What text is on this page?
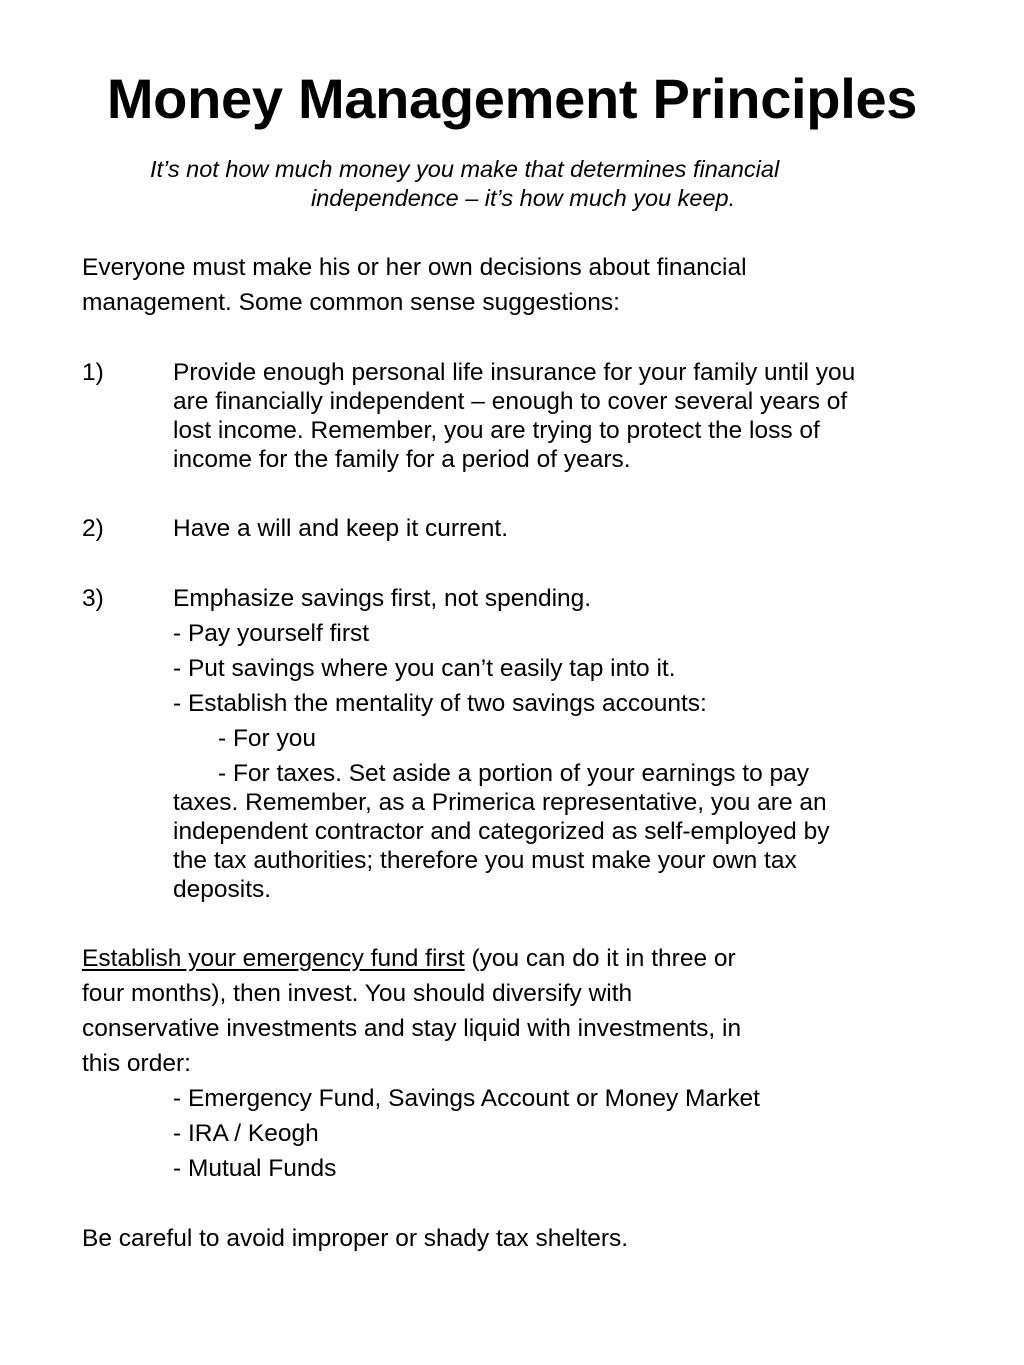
Money Management Principles
It’s not how much money you make that determines financial
independence – it’s how much you keep.
Everyone must make his or her own decisions about financial
management. Some common sense suggestions:
1)	Provide enough personal life insurance for your family until you
are financially independent – enough to cover several years of
lost income. Remember, you are trying to protect the loss of
income for the family for a period of years.
2)	Have a will and keep it current.
3)	Emphasize savings first, not spending.
- Pay yourself first
- Put savings where you can’t easily tap into it.
- Establish the mentality of two savings accounts:
- For you
- For taxes. Set aside a portion of your earnings to pay
taxes. Remember, as a Primerica representative, you are an
independent contractor and categorized as self-employed by
the tax authorities; therefore you must make your own tax
deposits.
Establish your emergency fund first (you can do it in three or
four months), then invest. You should diversify with
conservative investments and stay liquid with investments, in
this order:
- Emergency Fund, Savings Account or Money Market
- IRA / Keogh
- Mutual Funds
Be careful to avoid improper or shady tax shelters.
